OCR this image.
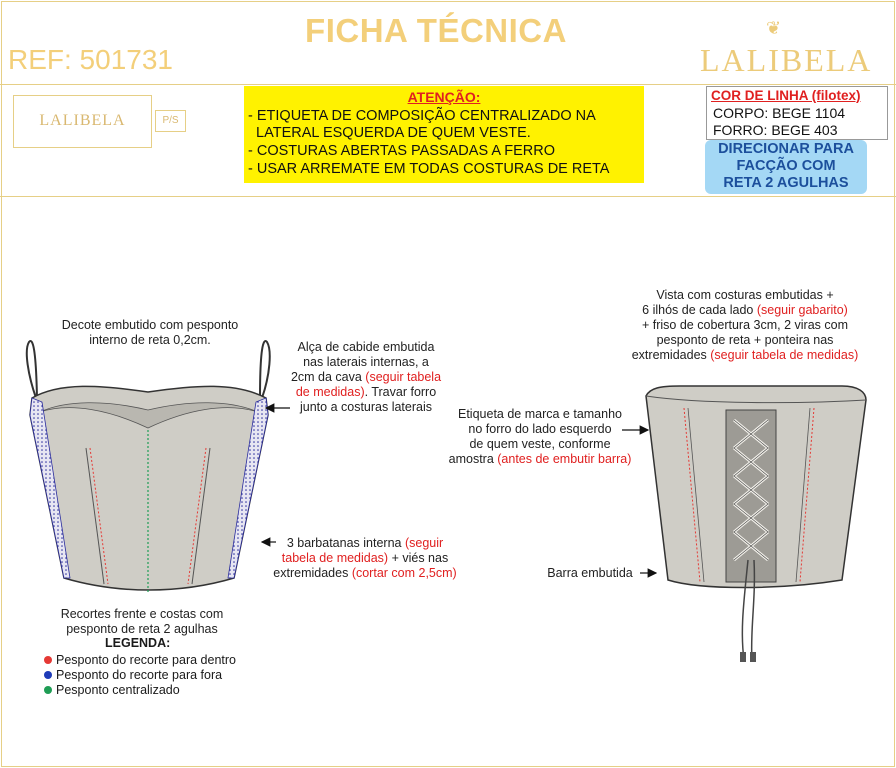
FICHA TÉCNICA
REF: 501731
❦
LALIBELA
LALIBELA	P/S
ATENÇÃO:
- ETIQUETA DE COMPOSIÇÃO CENTRALIZADO NA
LATERAL ESQUERDA DE QUEM VESTE.
- COSTURAS ABERTAS PASSADAS A FERRO
- USAR ARREMATE EM TODAS COSTURAS DE RETA
COR DE LINHA (filotex)
CORPO: BEGE 1104
FORRO: BEGE 403
DIRECIONAR PARA
FACÇÃO COM
RETA 2 AGULHAS
Decote embutido com pesponto
interno de reta 0,2cm.	Alça de cabide embutida
nas laterais internas, a
2cm da cava (seguir tabela
de medidas). Travar forro
junto a costuras laterais
3 barbatanas interna (seguir
tabela de medidas) + viés nas
extremidades (cortar com 2,5cm)
Recortes frente e costas com
pesponto de reta 2 agulhas
LEGENDA:
Pesponto do recorte para dentro
Pesponto do recorte para fora
Pesponto centralizado
Vista com costuras embutidas +
6 ilhós de cada lado (seguir gabarito)
+ friso de cobertura 3cm, 2 viras com
pesponto de reta + ponteira nas
extremidades (seguir tabela de medidas)
Etiqueta de marca e tamanho
no forro do lado esquerdo
de quem veste, conforme
amostra (antes de embutir barra)
Barra embutida
